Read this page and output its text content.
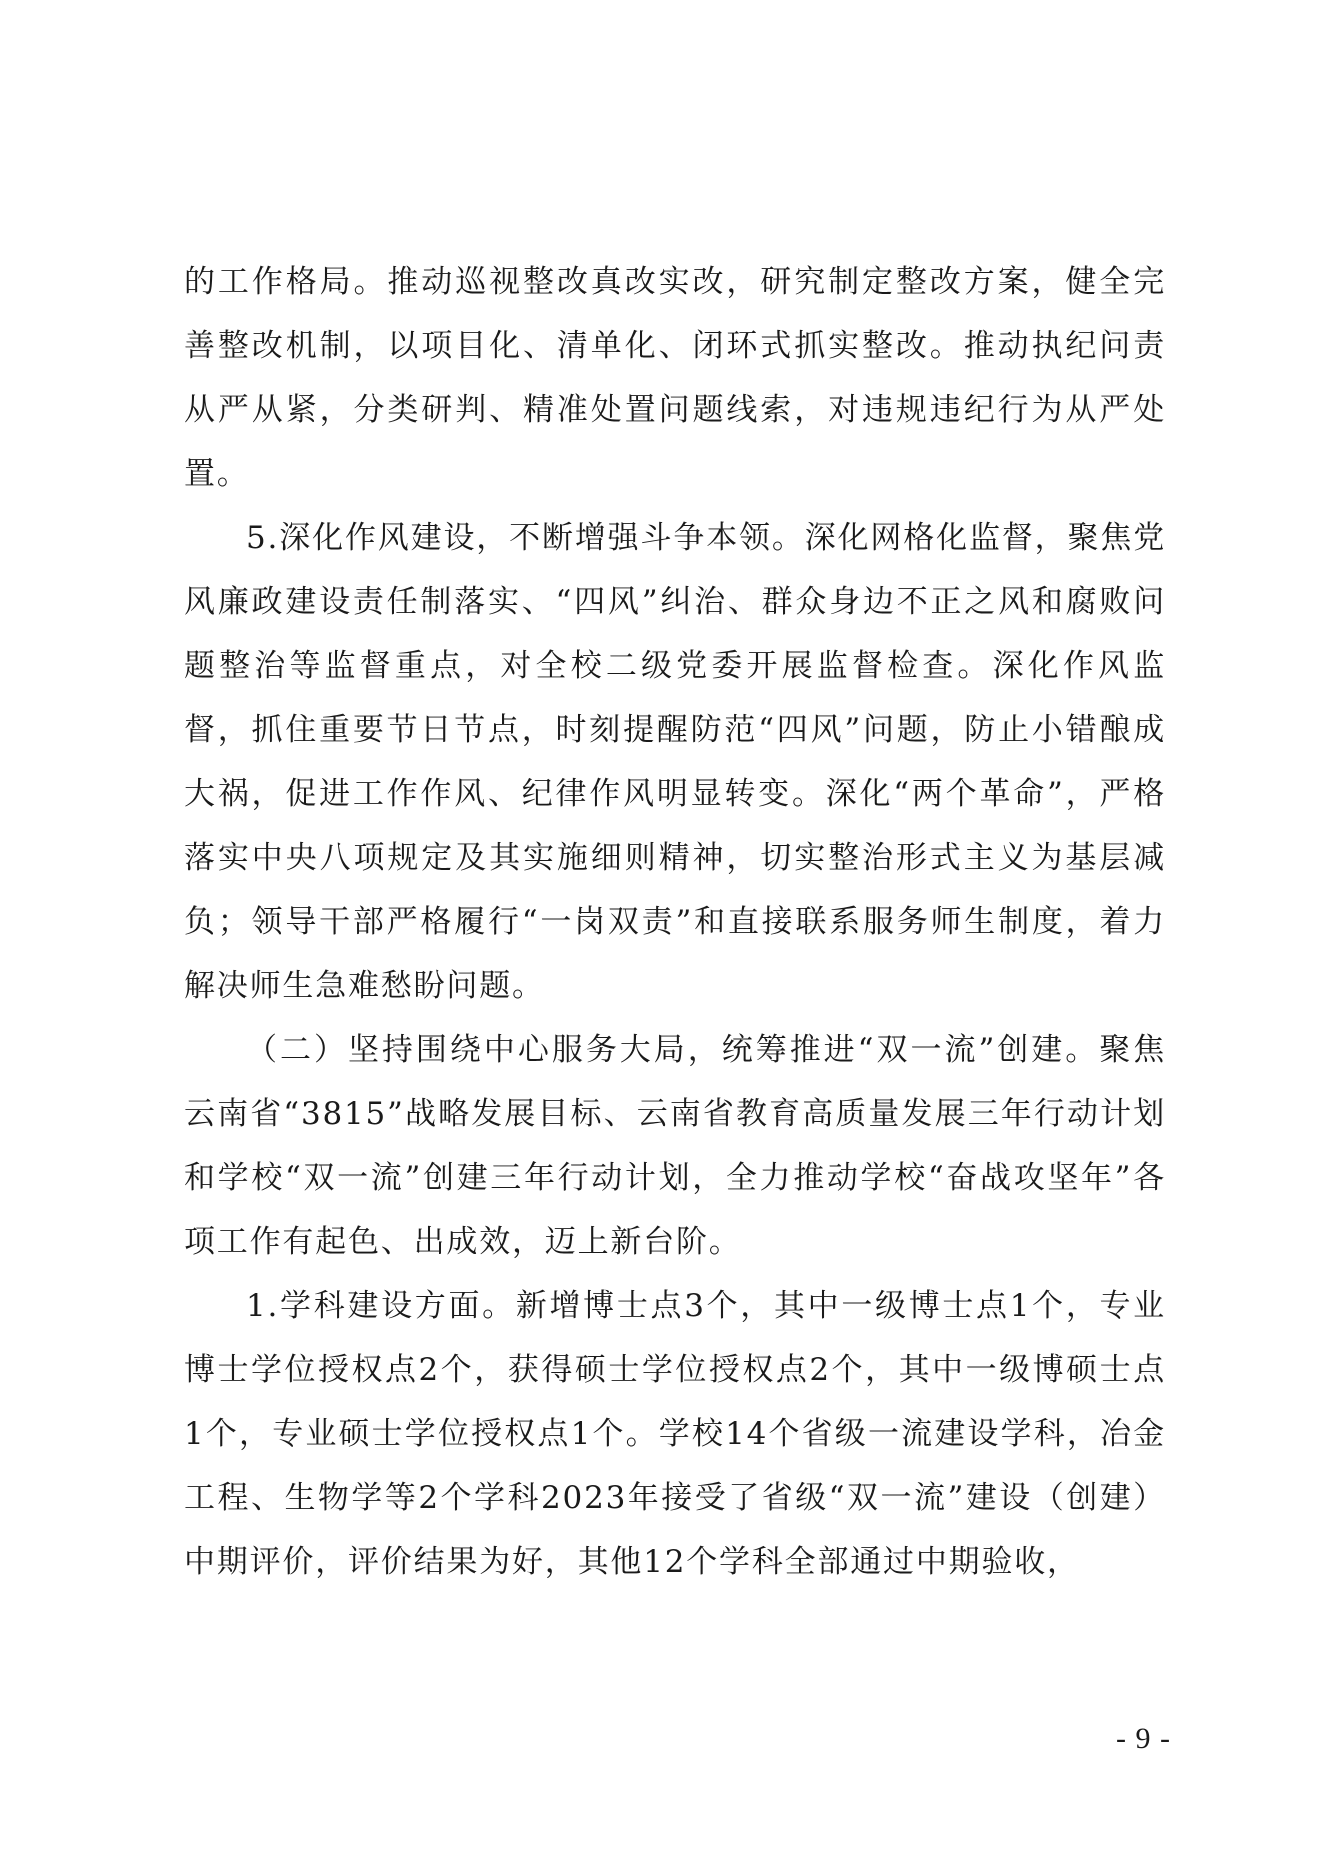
的工作格局。推动巡视整改真改实改，研究制定整改方案，健全完善整改机制，以项目化、清单化、闭环式抓实整改。推动执纪问责从严从紧，分类研判、精准处置问题线索，对违规违纪行为从严处置。

5.深化作风建设，不断增强斗争本领。深化网格化监督，聚焦党风廉政建设责任制落实、“四风”纠治、群众身边不正之风和腐败问题整治等监督重点，对全校二级党委开展监督检查。深化作风监督，抓住重要节日节点，时刻提醒防范“四风”问题，防止小错酿成大祸，促进工作作风、纪律作风明显转变。深化“两个革命”，严格落实中央八项规定及其实施细则精神，切实整治形式主义为基层减负；领导干部严格履行“一岗双责”和直接联系服务师生制度，着力解决师生急难愁盼问题。

（二）坚持围绕中心服务大局，统筹推进“双一流”创建。聚焦云南省“3815”战略发展目标、云南省教育高质量发展三年行动计划和学校“双一流”创建三年行动计划，全力推动学校“奋战攻坚年”各项工作有起色、出成效，迈上新台阶。

1.学科建设方面。新增博士点3个，其中一级博士点1个，专业博士学位授权点2个，获得硕士学位授权点2个，其中一级博硕士点1个，专业硕士学位授权点1个。学校14个省级一流建设学科，冶金工程、生物学等2个学科2023年接受了省级“双一流”建设（创建）中期评价，评价结果为好，其他12个学科全部通过中期验收，

- 9 -
